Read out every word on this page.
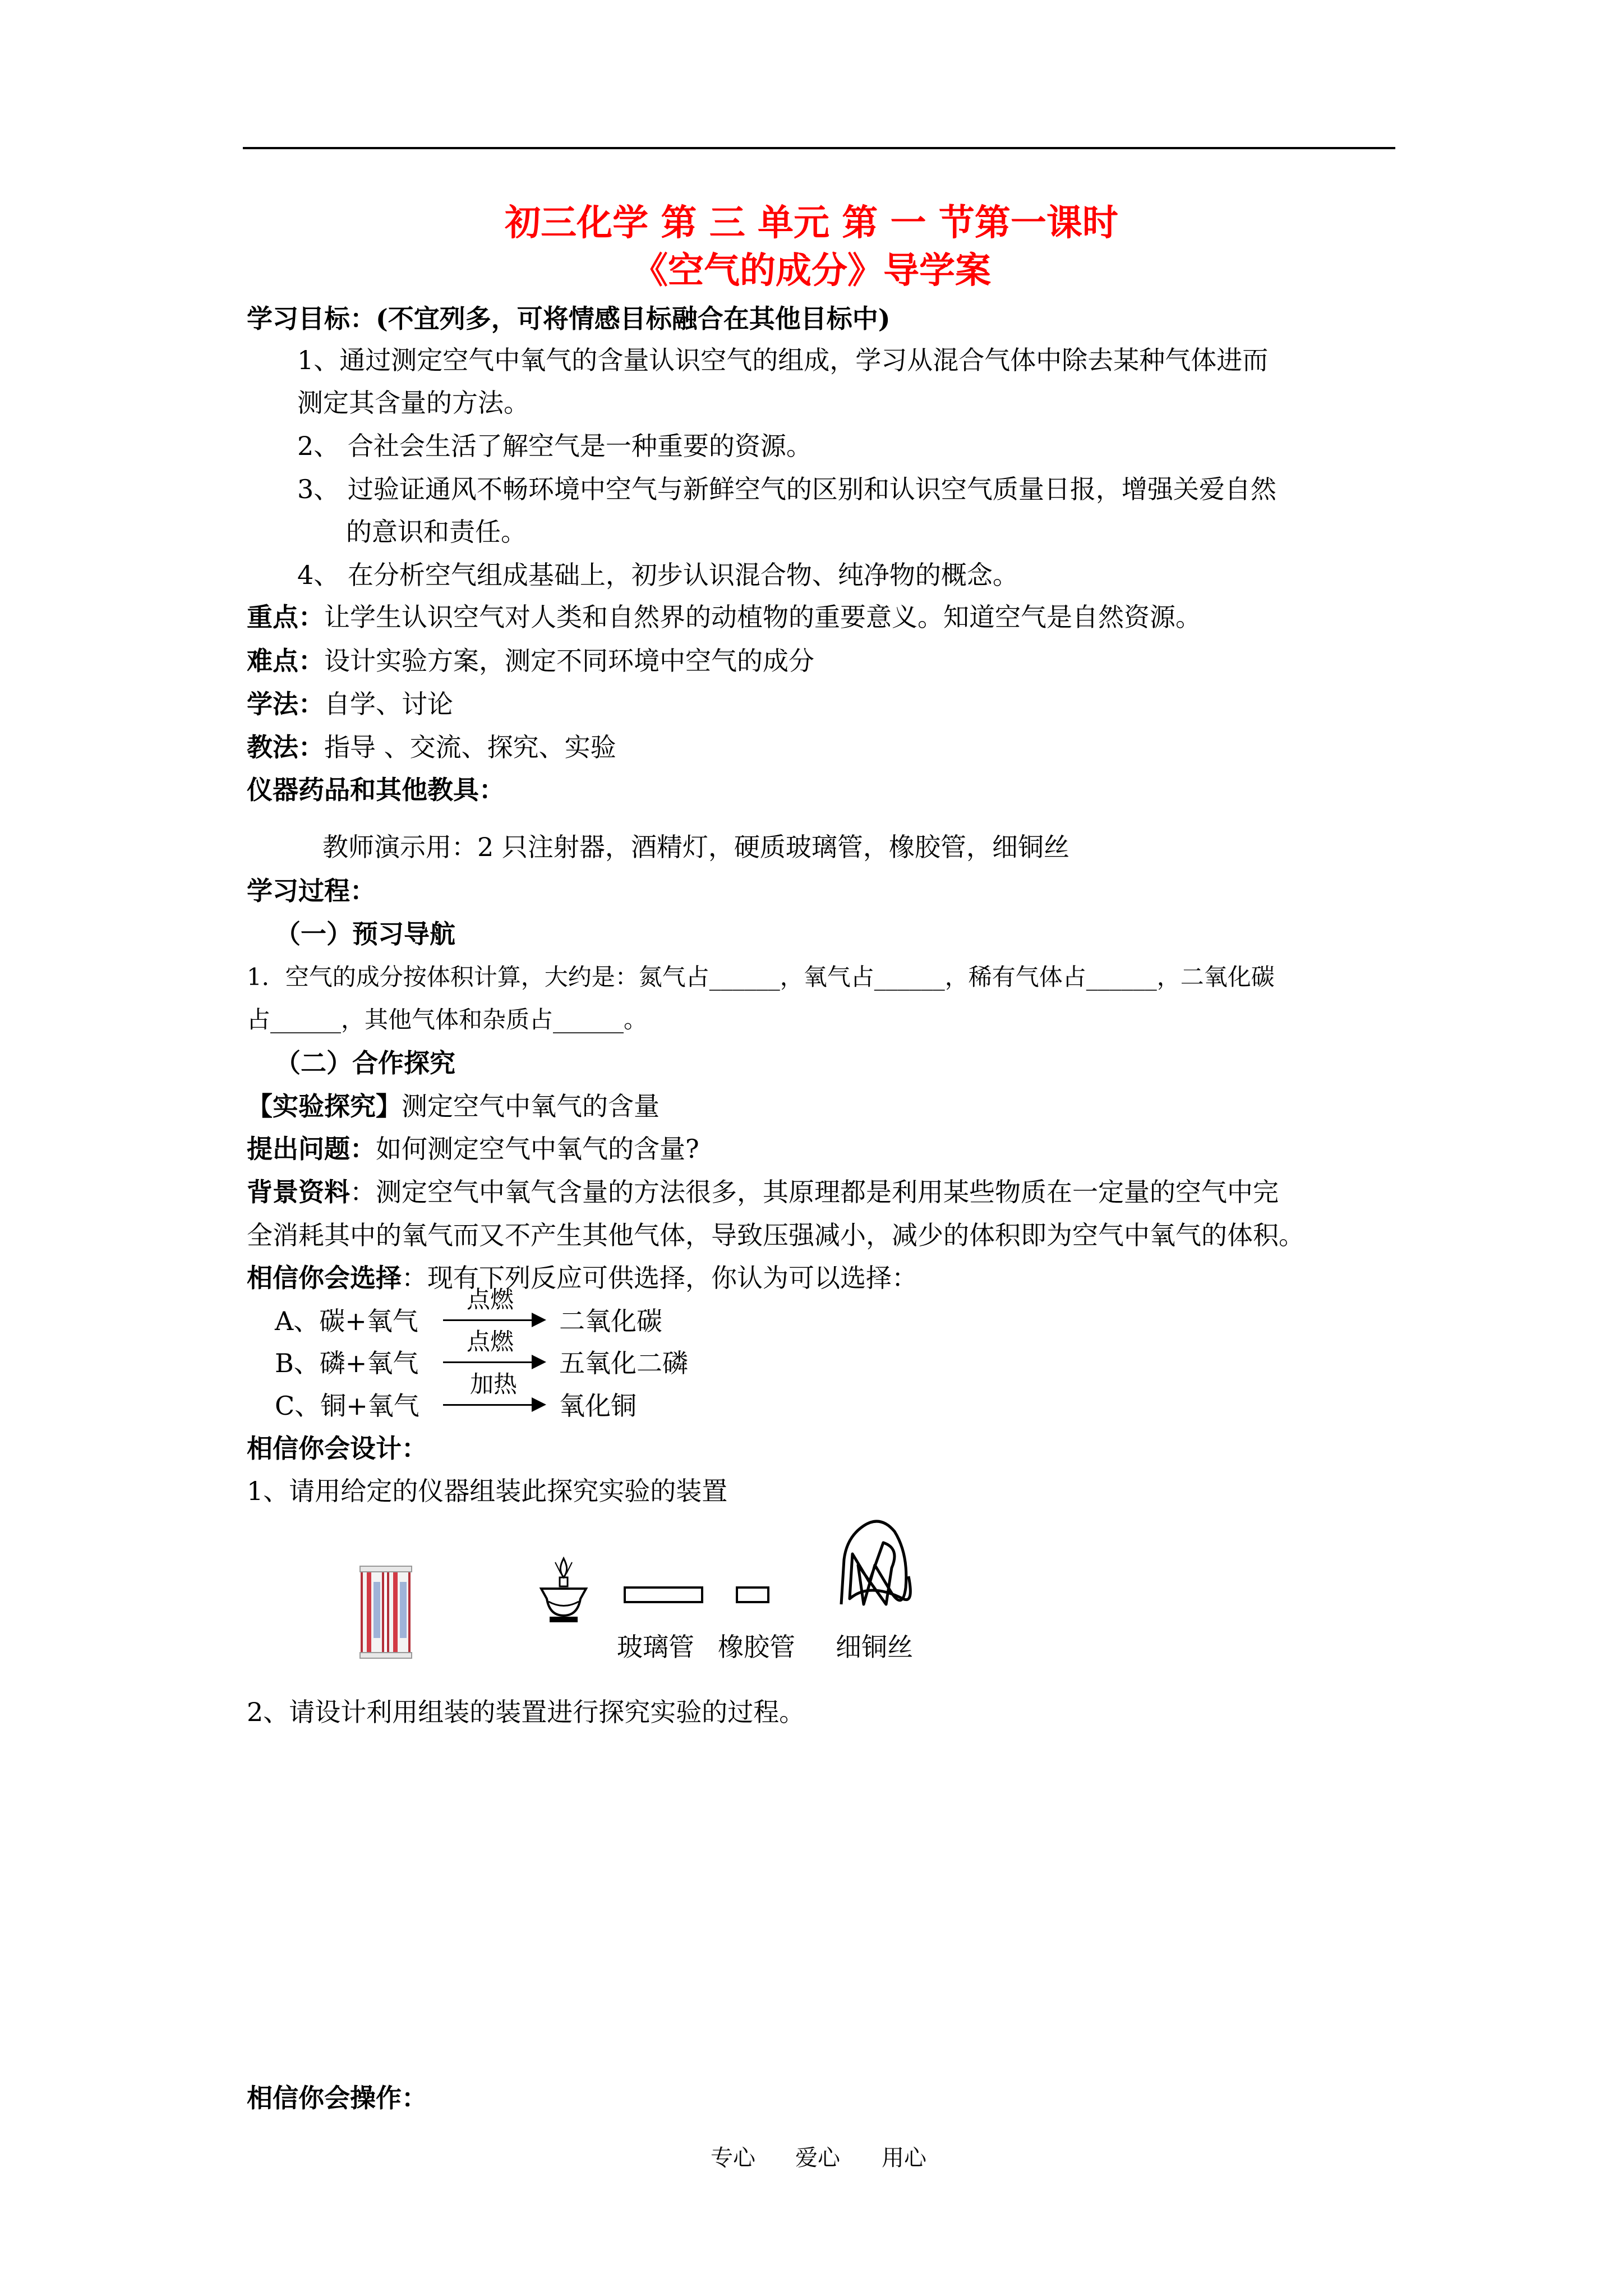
初三化学 第 三 单元 第 一 节第一课时
《空气的成分》导学案
学习目标：(不宜列多，可将情感目标融合在其他目标中)
1、通过测定空气中氧气的含量认识空气的组成，学习从混合气体中除去某种气体进而
测定其含量的方法。
2、 合社会生活了解空气是一种重要的资源。
3、 过验证通风不畅环境中空气与新鲜空气的区别和认识空气质量日报，增强关爱自然
的意识和责任。
4、 在分析空气组成基础上，初步认识混合物、纯净物的概念。
重点：让学生认识空气对人类和自然界的动植物的重要意义。知道空气是自然资源。
难点：设计实验方案，测定不同环境中空气的成分
学法：自学、讨论
教法：指导 、交流、探究、实验
仪器药品和其他教具：
教师演示用：2 只注射器，酒精灯，硬质玻璃管，橡胶管，细铜丝
学习过程：
（一）预习导航
1．空气的成分按体积计算，大约是：氮气占______，氧气占______，稀有气体占______，二氧化碳
占______，其他气体和杂质占______。
（二）合作探究
【实验探究】测定空气中氧气的含量
提出问题：如何测定空气中氧气的含量?
背景资料：测定空气中氧气含量的方法很多，其原理都是利用某些物质在一定量的空气中完
全消耗其中的氧气而又不产生其他气体，导致压强减小，减少的体积即为空气中氧气的体积。
相信你会选择：现有下列反应可供选择，你认为可以选择：
A、碳+氧气
点燃
二氧化碳
B、磷+氧气
点燃
五氧化二磷
C、铜+氧气
加热
氧化铜
相信你会设计：
1、请用给定的仪器组装此探究实验的装置
玻璃管 橡胶管 细铜丝
2、请设计利用组装的装置进行探究实验的过程。
相信你会操作：
专心 爱心 用心
